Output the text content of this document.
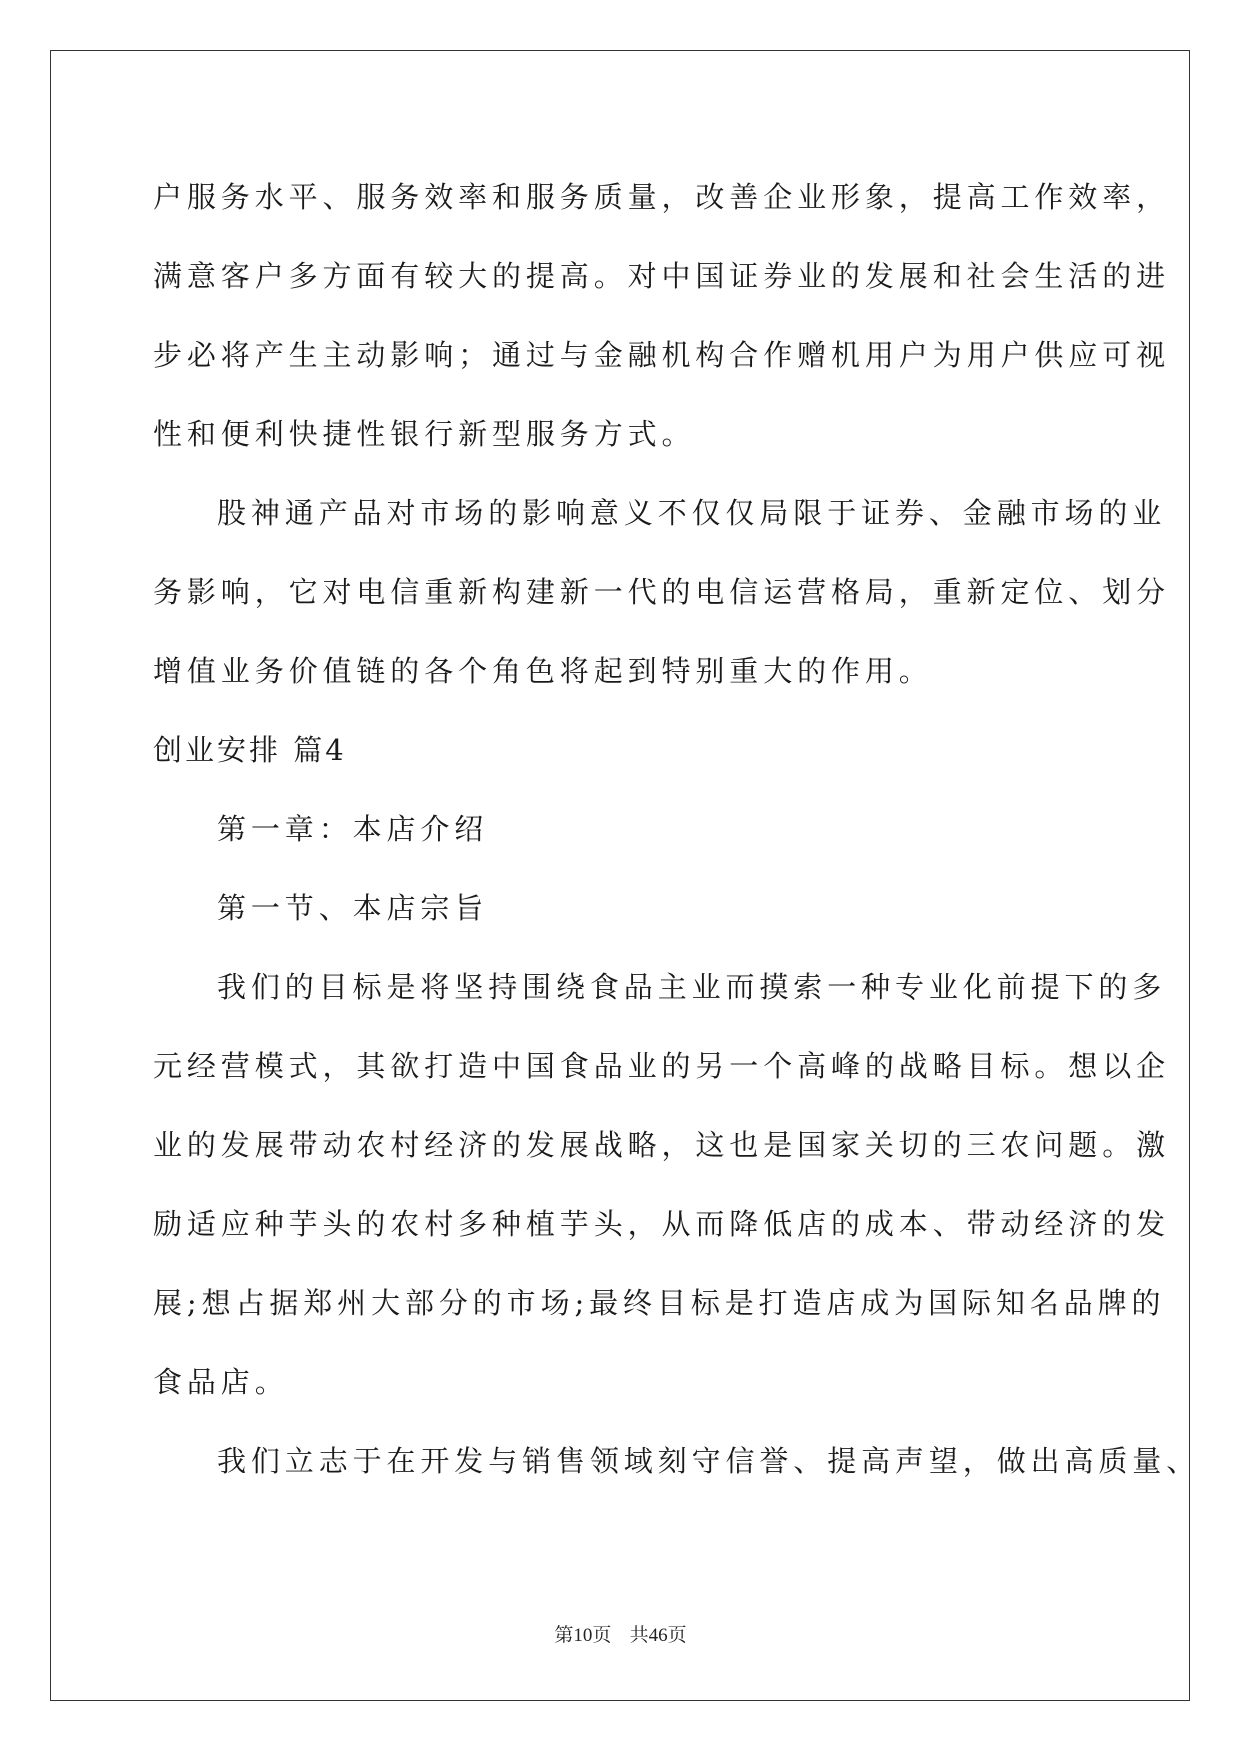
户服务水平、服务效率和服务质量，改善企业形象，提高工作效率，
满意客户多方面有较大的提高。对中国证券业的发展和社会生活的进
步必将产生主动影响；通过与金融机构合作赠机用户为用户供应可视
性和便利快捷性银行新型服务方式。
股神通产品对市场的影响意义不仅仅局限于证券、金融市场的业
务影响，它对电信重新构建新一代的电信运营格局，重新定位、划分
增值业务价值链的各个角色将起到特别重大的作用。
创业安排 篇4
第一章：本店介绍
第一节、本店宗旨
我们的目标是将坚持围绕食品主业而摸索一种专业化前提下的多
元经营模式，其欲打造中国食品业的另一个高峰的战略目标。想以企
业的发展带动农村经济的发展战略，这也是国家关切的三农问题。激
励适应种芋头的农村多种植芋头，从而降低店的成本、带动经济的发
展;想占据郑州大部分的市场;最终目标是打造店成为国际知名品牌的
食品店。
我们立志于在开发与销售领域刻守信誉、提高声望，做出高质量、
第10页 共46页
